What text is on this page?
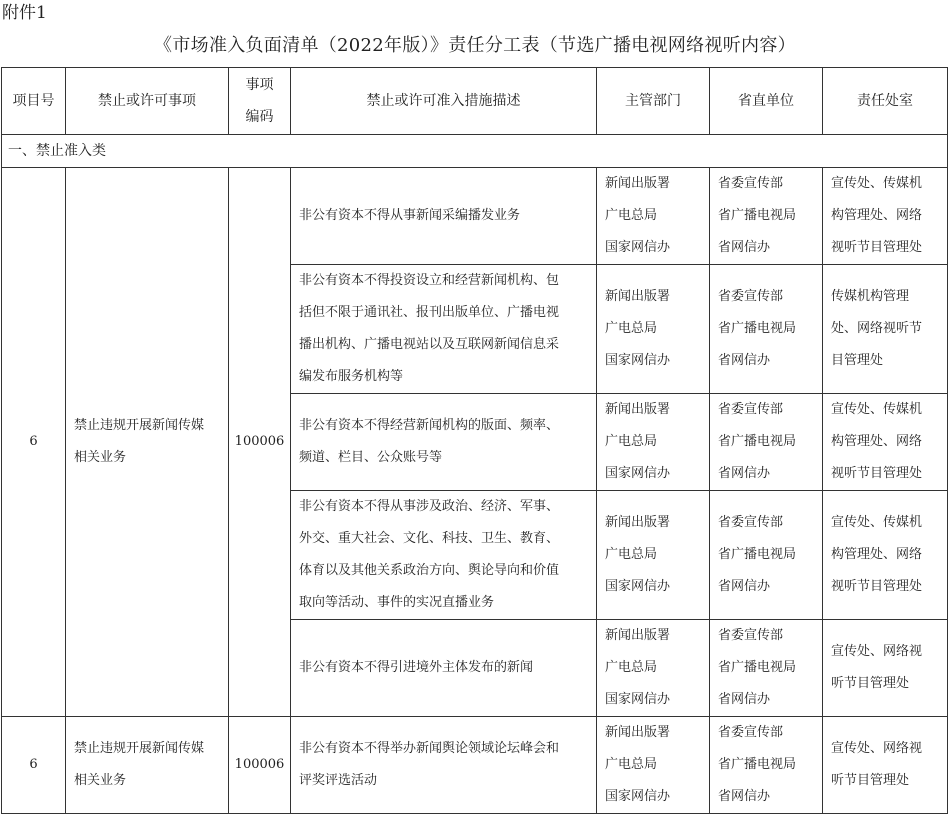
附件1
《市场准入负面清单（2022年版）》责任分工表（节选广播电视网络视听内容）
项目号	禁止或许可事项	事项
编码	禁止或许可准入措施描述	主管部门	省直单位	责任处室
一、禁止准入类						
6	禁止违规开展新闻传媒
相关业务	100006	非公有资本不得从事新闻采编播发业务	新闻出版署
广电总局
国家网信办	省委宣传部
省广播电视局
省网信办	宣传处、传媒机
构管理处、网络
视听节目管理处

			非公有资本不得投资设立和经营新闻机构、包
括但不限于通讯社、报刊出版单位、广播电视
播出机构、广播电视站以及互联网新闻信息采
编发布服务机构等	新闻出版署
广电总局
国家网信办	省委宣传部
省广播电视局
省网信办	传媒机构管理
处、网络视听节
目管理处

			非公有资本不得经营新闻机构的版面、频率、
频道、栏目、公众账号等	新闻出版署
广电总局
国家网信办	省委宣传部
省广播电视局
省网信办	宣传处、传媒机
构管理处、网络
视听节目管理处

			非公有资本不得从事涉及政治、经济、军事、
外交、重大社会、文化、科技、卫生、教育、
体育以及其他关系政治方向、舆论导向和价值
取向等活动、事件的实况直播业务	新闻出版署
广电总局
国家网信办	省委宣传部
省广播电视局
省网信办	宣传处、传媒机
构管理处、网络
视听节目管理处

			非公有资本不得引进境外主体发布的新闻	新闻出版署
广电总局
国家网信办	省委宣传部
省广播电视局
省网信办	宣传处、网络视
听节目管理处

6	禁止违规开展新闻传媒
相关业务	100006	非公有资本不得举办新闻舆论领域论坛峰会和
评奖评选活动	新闻出版署
广电总局
国家网信办	省委宣传部
省广播电视局
省网信办	宣传处、网络视
听节目管理处
